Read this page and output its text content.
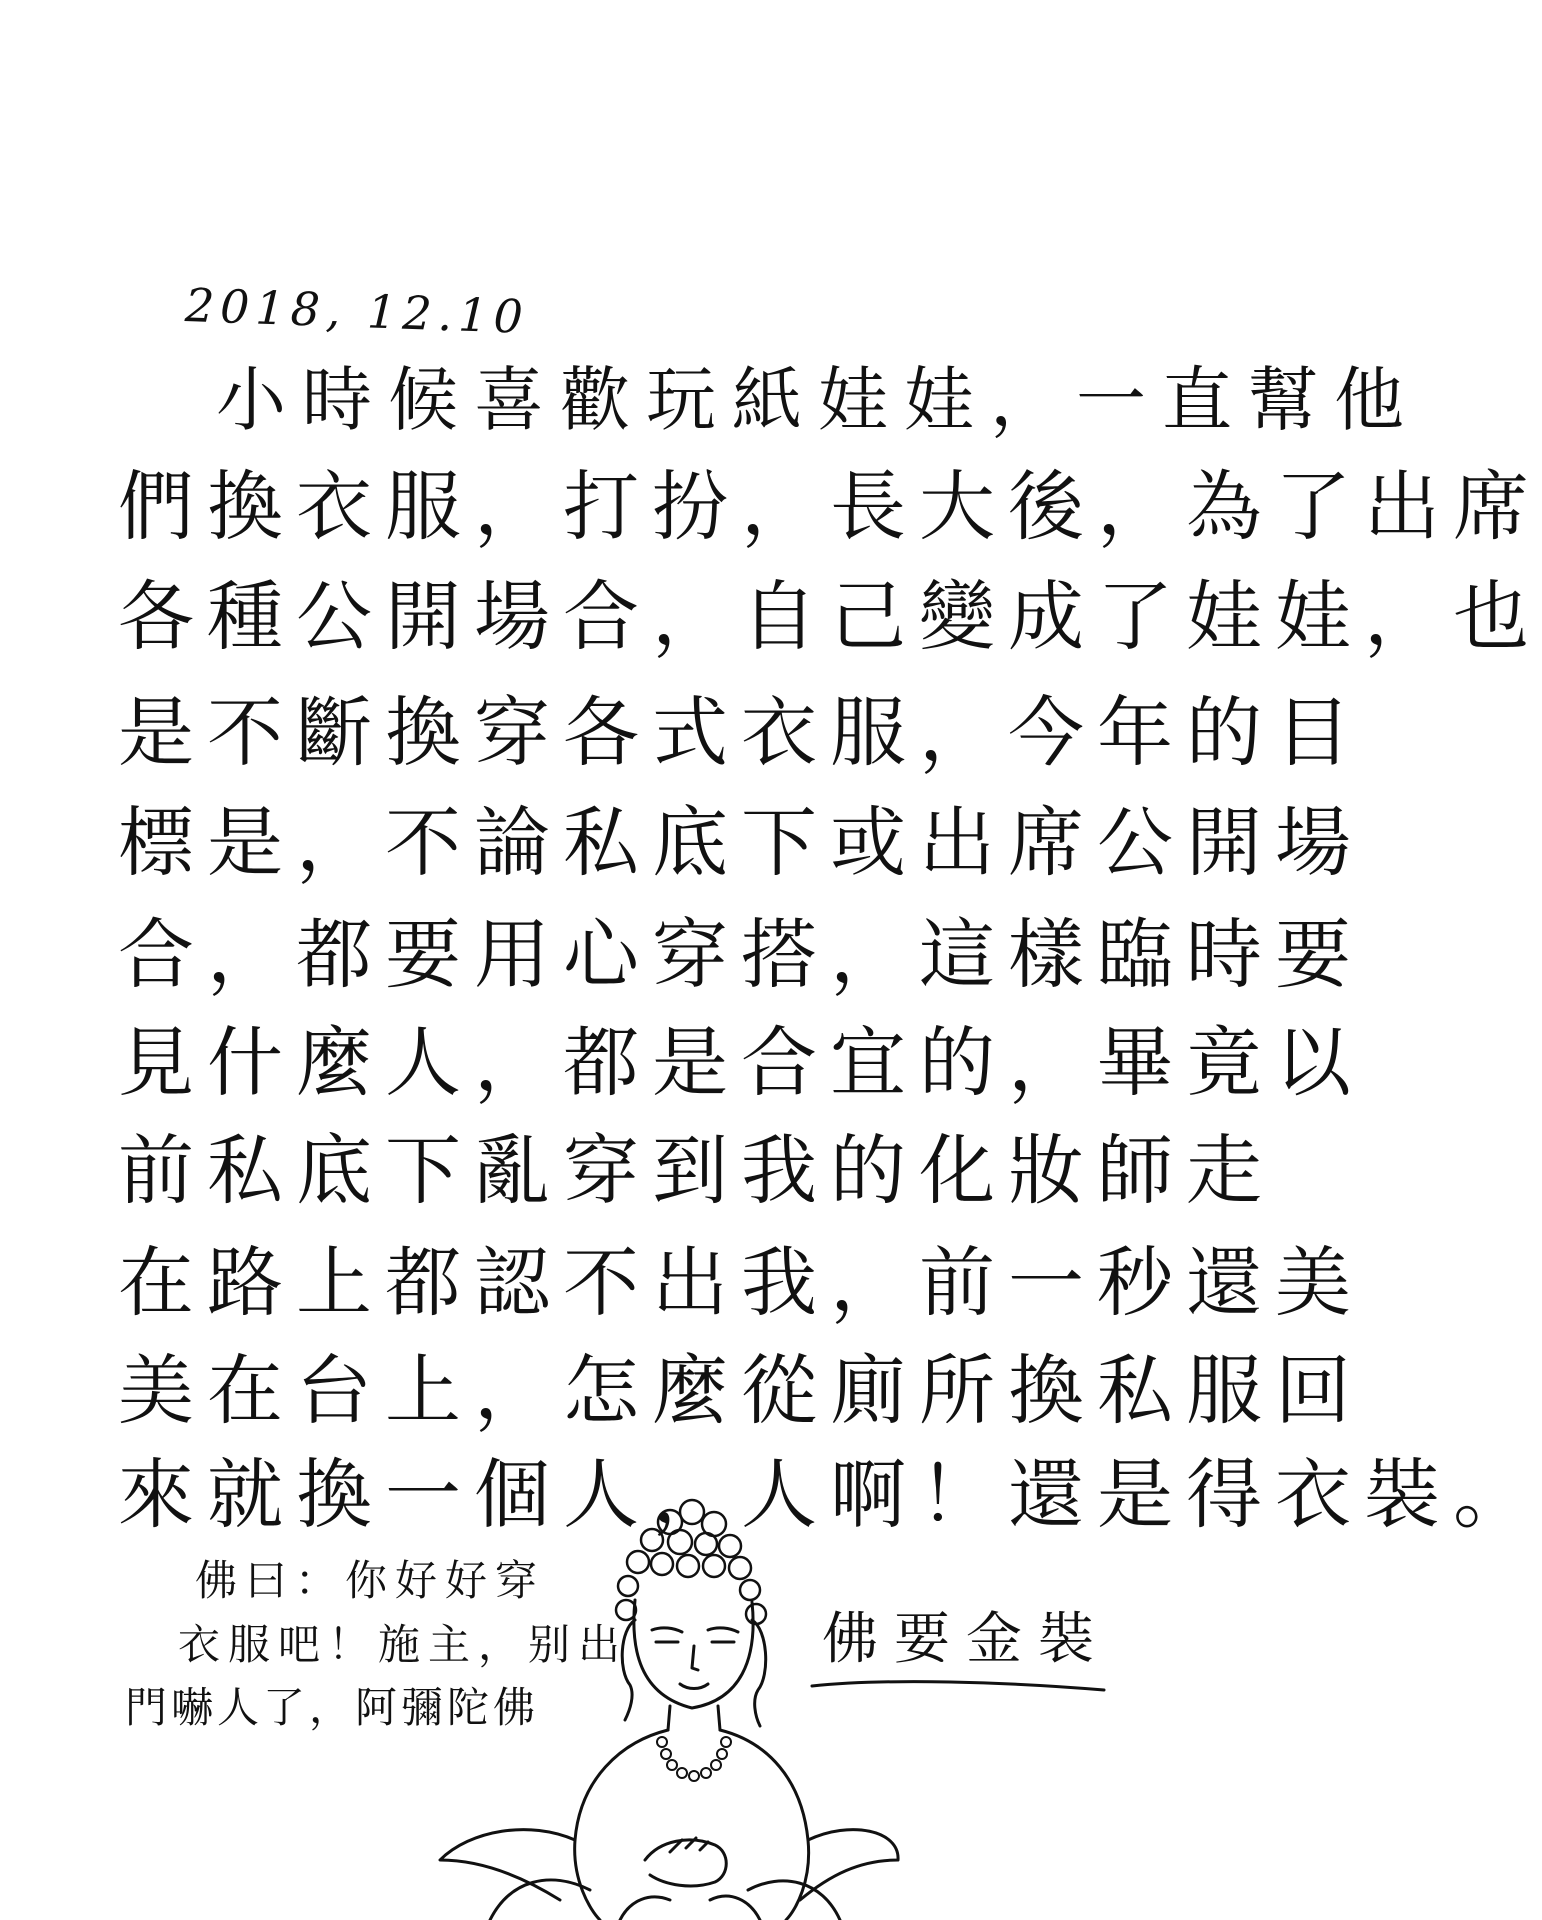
2018, 12.10
小時候喜歡玩紙娃娃，一直幫他
們換衣服，打扮，長大後，為了出席
各種公開場合，自己變成了娃娃，也
是不斷換穿各式衣服，今年的目
標是，不論私底下或出席公開場
合，都要用心穿搭，這樣臨時要
見什麼人，都是合宜的，畢竟以
前私底下亂穿到我的化妝師走
在路上都認不出我，前一秒還美
美在台上，怎麼從廁所換私服回
來就換一個人，人啊！還是得衣裝。
佛曰：你好好穿
衣服吧！施主，别出
門嚇人了，阿彌陀佛
佛要金裝
